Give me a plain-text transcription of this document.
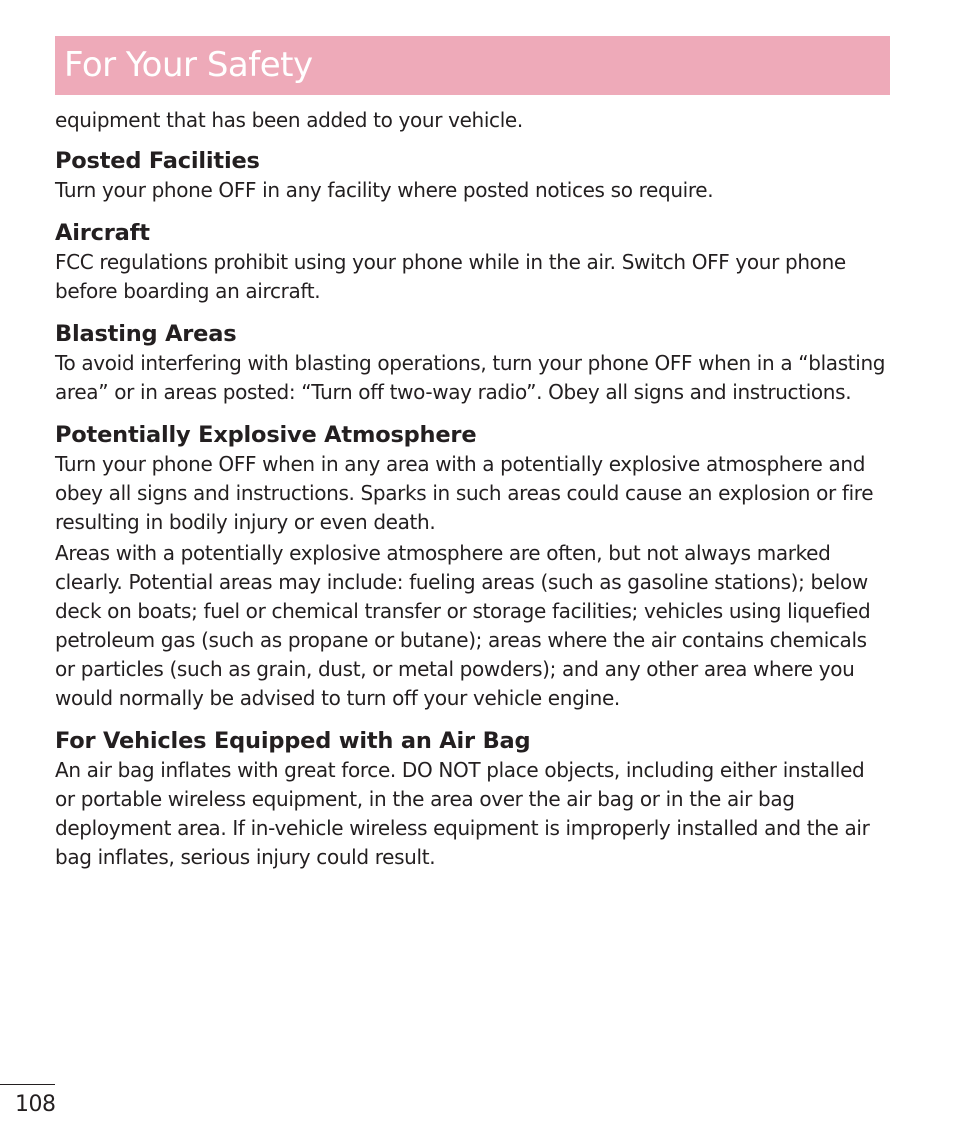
For Your Safety

equipment that has been added to your vehicle.

Posted Facilities

Turn your phone OFF in any facility where posted notices so require.

Aircraft

FCC regulations prohibit using your phone while in the air. Switch OFF your phone before boarding an aircraft.

Blasting Areas

To avoid interfering with blasting operations, turn your phone OFF when in a “blasting area” or in areas posted: “Turn off two-way radio”. Obey all signs and instructions.

Potentially Explosive Atmosphere

Turn your phone OFF when in any area with a potentially explosive atmosphere and obey all signs and instructions. Sparks in such areas could cause an explosion or fire resulting in bodily injury or even death.

Areas with a potentially explosive atmosphere are often, but not always marked clearly. Potential areas may include: fueling areas (such as gasoline stations); below deck on boats; fuel or chemical transfer or storage facilities; vehicles using liquefied petroleum gas (such as propane or butane); areas where the air contains chemicals or particles (such as grain, dust, or metal powders); and any other area where you would normally be advised to turn off your vehicle engine.

For Vehicles Equipped with an Air Bag

An air bag inflates with great force. DO NOT place objects, including either installed or portable wireless equipment, in the area over the air bag or in the air bag deployment area. If in-vehicle wireless equipment is improperly installed and the air bag inflates, serious injury could result.

108
